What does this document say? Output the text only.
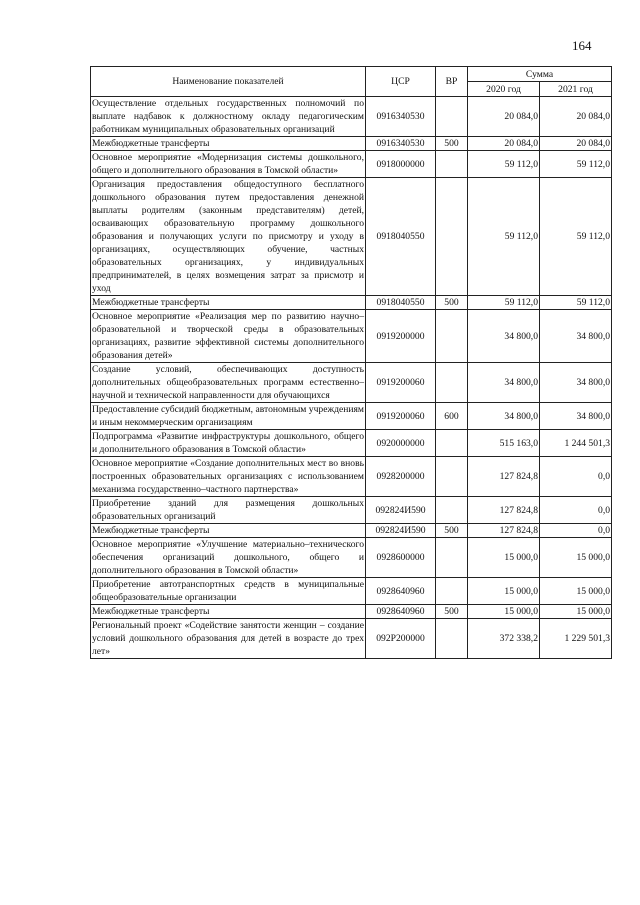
164
Наименование показателей	ЦСР	ВР	Сумма	
			2020 год	2021 год
Осуществление отдельных государственных полномочий по выплате надбавок к должностному окладу педагогическим работникам муниципальных образовательных организаций	0916340530		20 084,0	20 084,0
Межбюджетные трансферты	0916340530	500	20 084,0	20 084,0
Основное мероприятие «Модернизация системы дошкольного, общего и дополнительного образования в Томской области»	0918000000		59 112,0	59 112,0
Организация предоставления общедоступного бесплатного дошкольного образования путем предоставления денежной выплаты родителям (законным представителям) детей, осваивающих образовательную программу дошкольного образования и получающих услуги по присмотру и уходу в организациях, осуществляющих обучение, частных образовательных организациях, у индивидуальных предпринимателей, в целях возмещения затрат за присмотр и уход	0918040550		59 112,0	59 112,0
Межбюджетные трансферты	0918040550	500	59 112,0	59 112,0
Основное мероприятие «Реализация мер по развитию научно–образовательной и творческой среды в образовательных организациях, развитие эффективной системы дополнительного образования детей»	0919200000		34 800,0	34 800,0
Создание условий, обеспечивающих доступность дополнительных общеобразовательных программ естественно–научной и технической направленности для обучающихся	0919200060		34 800,0	34 800,0
Предоставление субсидий бюджетным, автономным учреждениям и иным некоммерческим организациям	0919200060	600	34 800,0	34 800,0
Подпрограмма «Развитие инфраструктуры дошкольного, общего и дополнительного образования в Томской области»	0920000000		515 163,0	1 244 501,3
Основное мероприятие «Создание дополнительных мест во вновь построенных образовательных организациях с использованием механизма государственно–частного партнерства»	0928200000		127 824,8	0,0
Приобретение зданий для размещения дошкольных образовательных организаций	092824И590		127 824,8	0,0
Межбюджетные трансферты	092824И590	500	127 824,8	0,0
Основное мероприятие «Улучшение материально–технического обеспечения организаций дошкольного, общего и дополнительного образования в Томской области»	0928600000		15 000,0	15 000,0
Приобретение автотранспортных средств в муниципальные общеобразовательные организации	0928640960		15 000,0	15 000,0
Межбюджетные трансферты	0928640960	500	15 000,0	15 000,0
Региональный проект «Содействие занятости женщин – создание условий дошкольного образования для детей в возрасте до трех лет»	092P200000		372 338,2	1 229 501,3
